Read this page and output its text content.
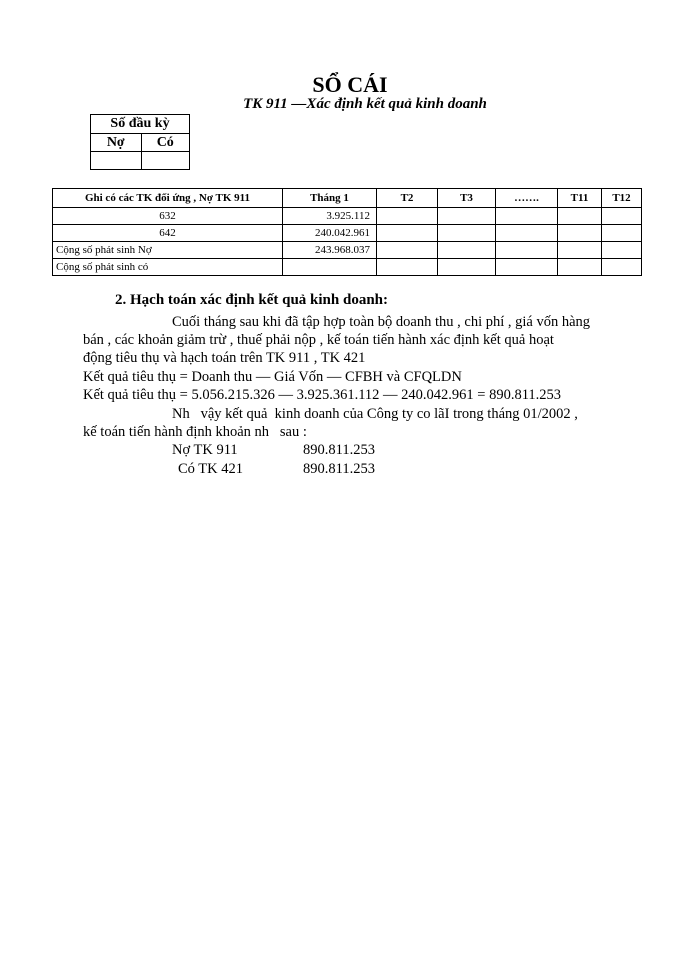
SỔ CÁI
TK 911 —Xác định kết quả kinh doanh
Số đầu kỳ	
Nợ	Có

Ghi có các TK đối ứng , Nợ TK 911	Tháng 1	T2	T3	…….	T11	T12
632	3.925.112					
642	240.042.961					
Cộng số phát sinh Nợ	243.968.037					
Cộng số phát sinh có						
2. Hạch toán xác định kết quả kinh doanh:
Cuối tháng sau khi đã tập hợp toàn bộ doanh thu , chi phí , giá vốn hàng
bán , các khoản giảm trừ , thuế phải nộp , kế toán tiến hành xác định kết quả hoạt
động tiêu thụ và hạch toán trên TK 911 , TK 421
Kết quả tiêu thụ = Doanh thu — Giá Vốn — CFBH và CFQLDN
Kết quả tiêu thụ = 5.056.215.326 — 3.925.361.112 — 240.042.961 = 890.811.253
Nh   vậy kết quả  kinh doanh của Công ty co lãI trong tháng 01/2002 ,
kế toán tiến hành định khoản nh   sau :
Nợ TK 911	890.811.253
Có TK 421	890.811.253
